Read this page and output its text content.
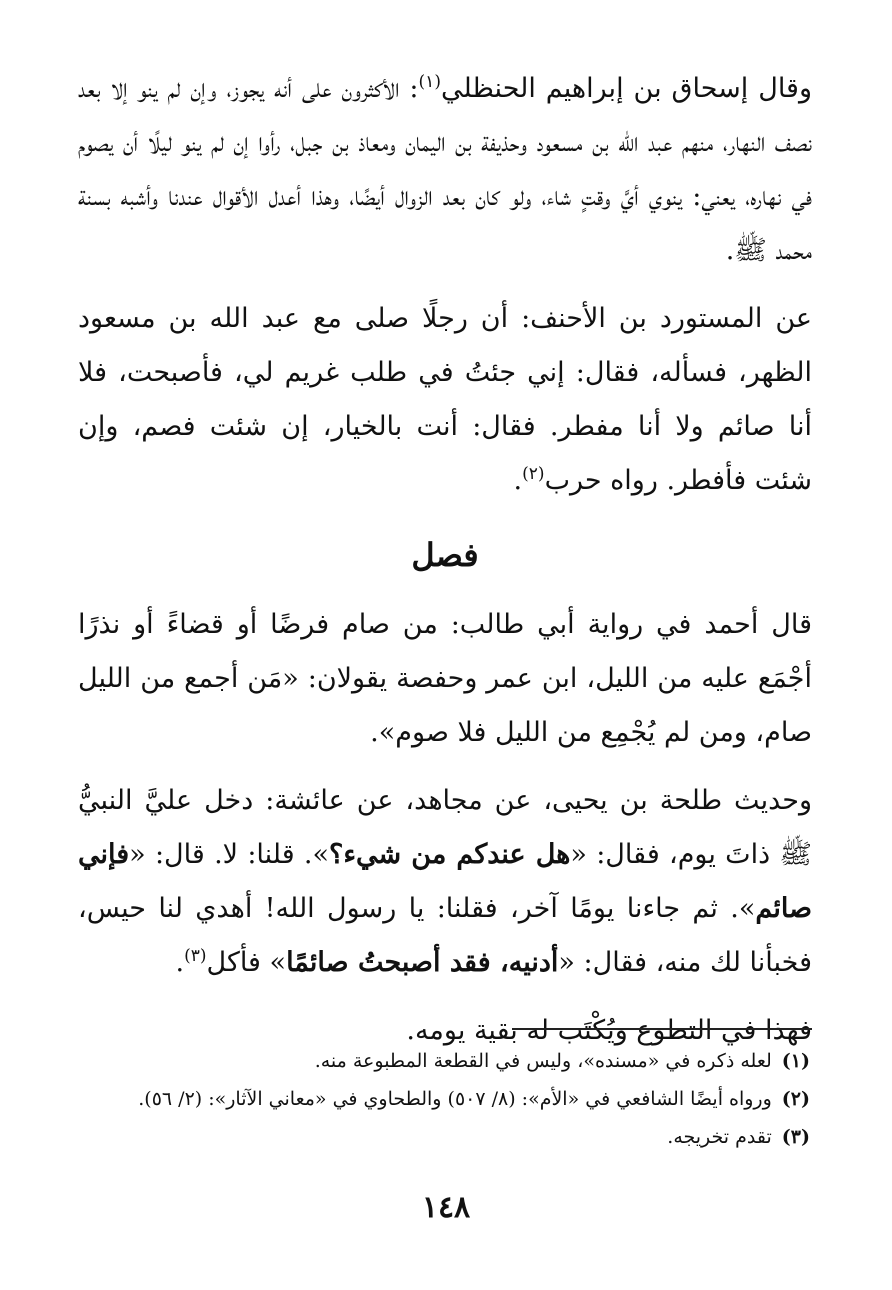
وقال إسحاق بن إبراهيم الحنظلي$^{(١)}$: الأكثرون على أنه يجوز، وإن لم ينو إلا بعد نصف النهار، منهم عبد الله بن مسعود وحذيفة بن اليمان ومعاذ بن جبل، رأوا إن لم ينو ليلًا أن يصوم في نهاره، يعني: ينوي أيَّ وقتٍ شاء، ولو كان بعد الزوال أيضًا، وهذا أعدل الأقوال عندنا وأشبه بسنة محمد ﷺ.

عن المستورد بن الأحنف: أن رجلًا صلى مع عبد الله بن مسعود الظهر، فسأله، فقال: إني جئتُ في طلب غريم لي، فأصبحت، فلا أنا صائم ولا أنا مفطر. فقال: أنت بالخيار، إن شئت فصم، وإن شئت فأفطر. رواه حرب$^{(٢)}$.

فصل

قال أحمد في رواية أبي طالب: من صام فرضًا أو قضاءً أو نذرًا أجْمَع عليه من الليل، ابن عمر وحفصة يقولان: «مَن أجمع من الليل صام، ومن لم يُجْمِع من الليل فلا صوم».

وحديث طلحة بن يحيى، عن مجاهد، عن عائشة: دخل عليَّ النبيُّ ﷺ ذاتَ يوم، فقال: «هل عندكم من شيء؟». قلنا: لا. قال: «فإني صائم». ثم جاءنا يومًا آخر، فقلنا: يا رسول الله! أهدي لنا حيس، فخبأنا لك منه، فقال: «أدنيه، فقد أصبحتُ صائمًا» فأكل$^{(٣)}$.

فهذا في التطوع ويُكْتَب له بقية يومه.

(١)
لعله ذكره في «مسنده»، وليس في القطعة المطبوعة منه.
(٢)
ورواه أيضًا الشافعي في «الأم»: (٨/ ٥٠٧) والطحاوي في «معاني الآثار»: (٢/ ٥٦).
(٣)
تقدم تخريجه.
١٤٨
